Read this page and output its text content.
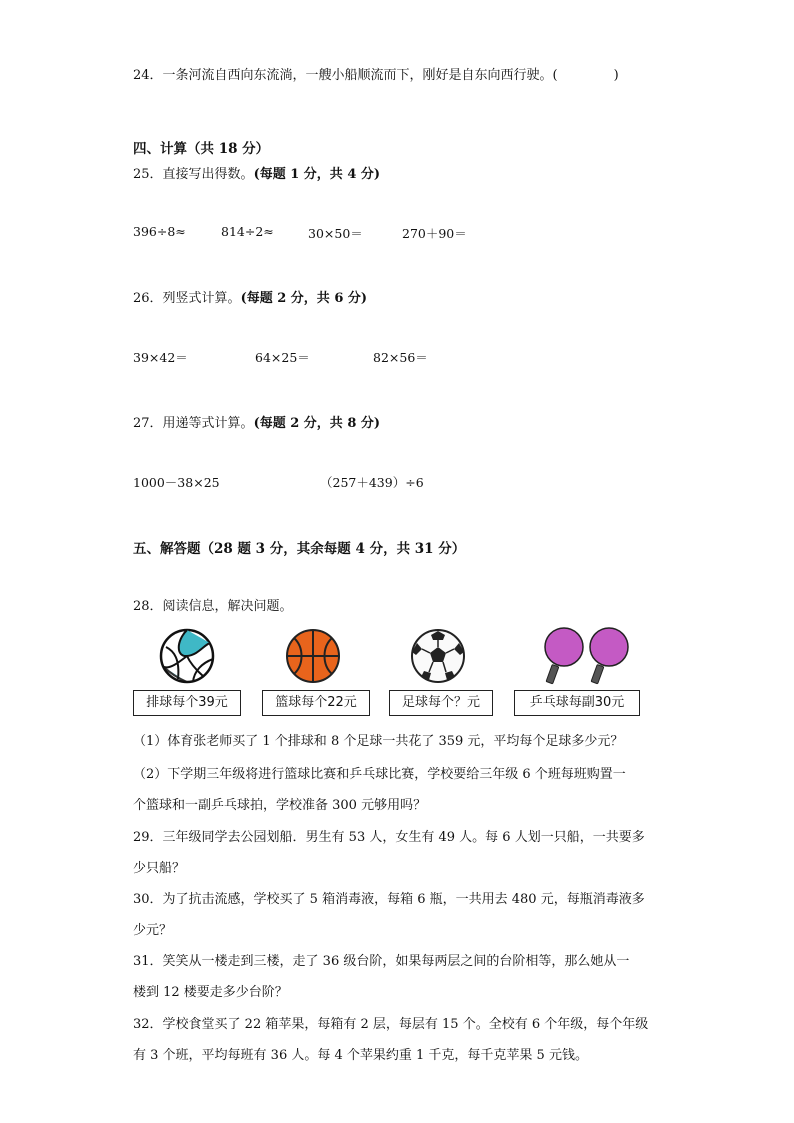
24．一条河流自西向东流淌，一艘小船顺流而下，刚好是自东向西行驶。(	)
四、计算（共 18 分）
25．直接写出得数。(每题 1 分，共 4 分)
396÷8≈	814÷2≈	30×50＝	270＋90＝
26．列竖式计算。(每题 2 分，共 6 分)
39×42＝	64×25＝	82×56＝
27．用递等式计算。(每题 2 分，共 8 分)
1000－38×25	（257＋439）÷6
五、解答题（28 题 3 分，其余每题 4 分，共 31 分）
28．阅读信息，解决问题。
排球每个39元	篮球每个22元	足球每个？元	乒乓球每副30元
（1）体育张老师买了 1 个排球和 8 个足球一共花了 359 元，平均每个足球多少元？
（2）下学期三年级将进行篮球比赛和乒乓球比赛，学校要给三年级 6 个班每班购置一
个篮球和一副乒乓球拍，学校准备 300 元够用吗？
29．三年级同学去公园划船．男生有 53 人，女生有 49 人。每 6 人划一只船，一共要多
少只船？
30．为了抗击流感，学校买了 5 箱消毒液，每箱 6 瓶，一共用去 480 元，每瓶消毒液多
少元？
31．笑笑从一楼走到三楼，走了 36 级台阶，如果每两层之间的台阶相等，那么她从一
楼到 12 楼要走多少台阶？
32．学校食堂买了 22 箱苹果，每箱有 2 层，每层有 15 个。全校有 6 个年级，每个年级
有 3 个班，平均每班有 36 人。每 4 个苹果约重 1 千克，每千克苹果 5 元钱。
